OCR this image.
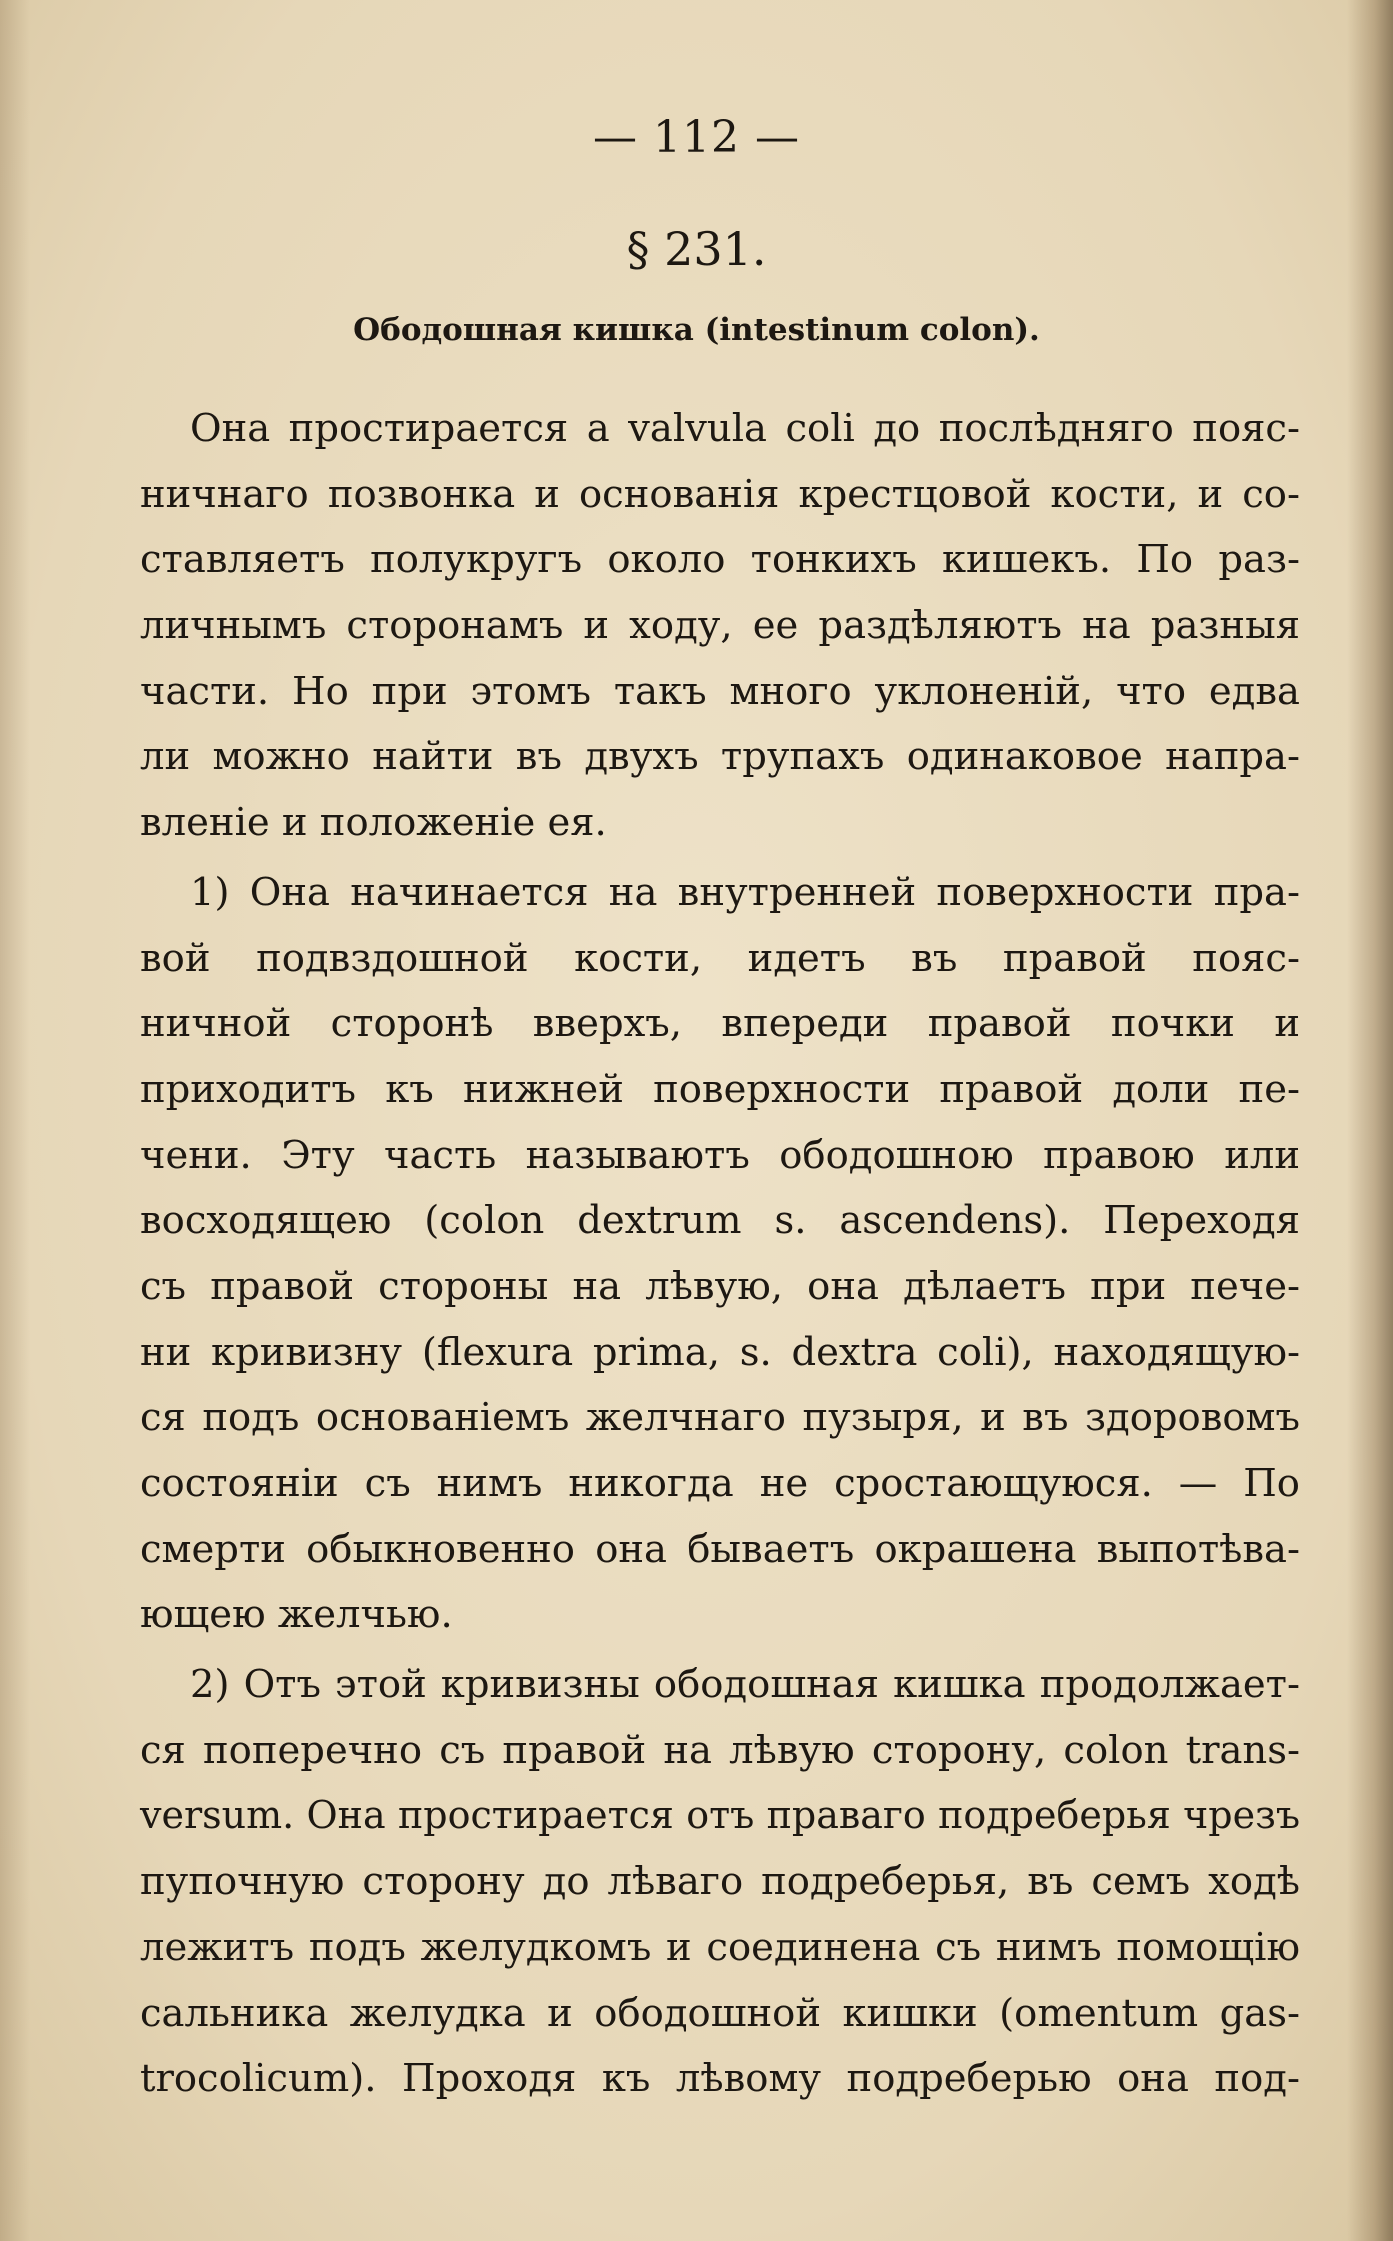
— 112 —
§ 231.
Ободошная кишка (intestinum colon).
Она простирается a valvula coli до послѣдняго пояс-
ничнаго позвонка и основанія крестцовой кости, и со-
ставляетъ полукругъ около тонкихъ кишекъ. По раз-
личнымъ сторонамъ и ходу, ее раздѣляютъ на разныя
части. Но при этомъ такъ много уклоненій, что едва
ли можно найти въ двухъ трупахъ одинаковое напра-
вленіе и положеніе ея.
1) Она начинается на внутренней поверхности пра-
вой подвздошной кости, идетъ въ правой пояс-
ничной сторонѣ вверхъ, впереди правой почки и
приходитъ къ нижней поверхности правой доли пе-
чени. Эту часть называютъ ободошною правою или
восходящею (colon dextrum s. ascendens). Переходя
съ правой стороны на лѣвую, она дѣлаетъ при пече-
ни кривизну (flexura prima, s. dextra coli), находящую-
ся подъ основаніемъ желчнаго пузыря, и въ здоровомъ
состояніи съ нимъ никогда не сростающуюся. — По
смерти обыкновенно она бываетъ окрашена выпотѣва-
ющею желчью.
2) Отъ этой кривизны ободошная кишка продолжает-
ся поперечно съ правой на лѣвую сторону, colon trans-
versum. Она простирается отъ праваго подреберья чрезъ
пупочную сторону до лѣваго подреберья, въ семъ ходѣ
лежитъ подъ желудкомъ и соединена съ нимъ помощію
сальника желудка и ободошной кишки (omentum gas-
trocolicum). Проходя къ лѣвому подреберью она под-
